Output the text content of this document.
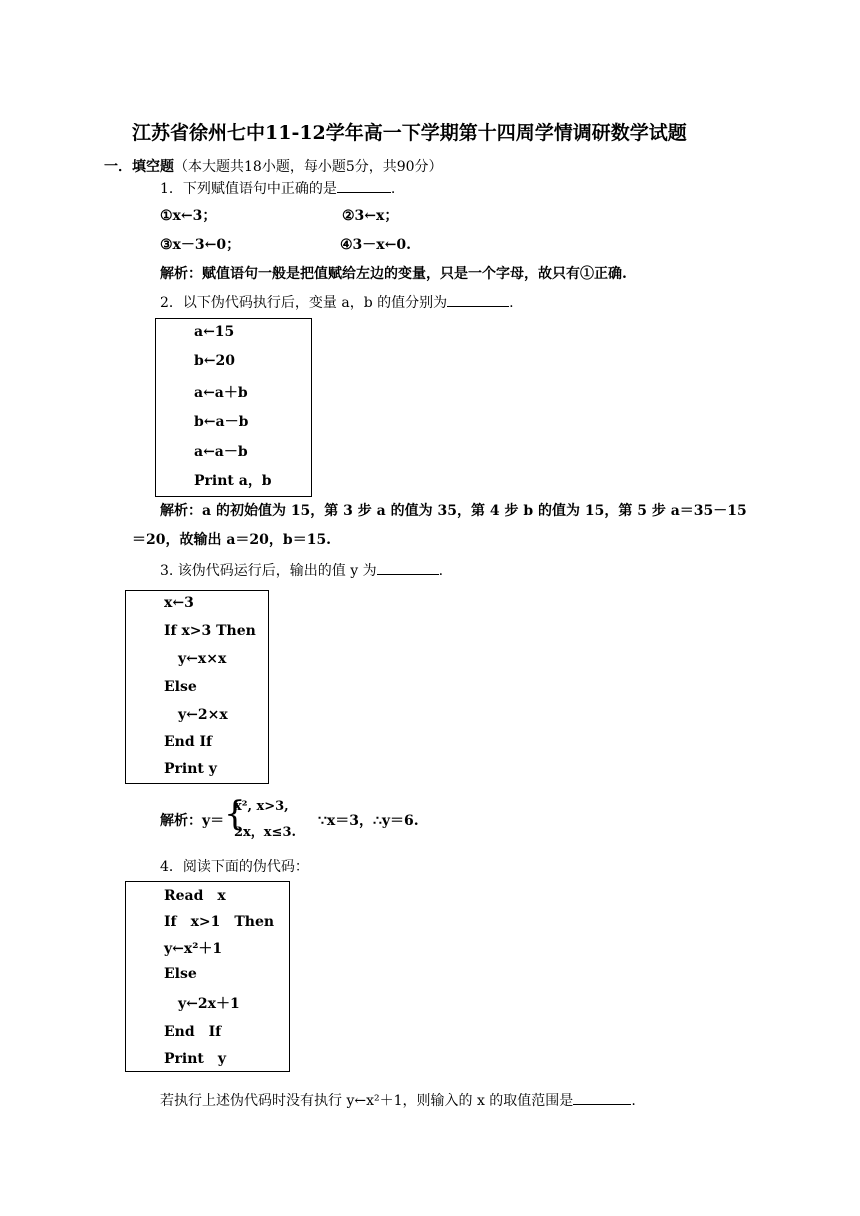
江苏省徐州七中11-12学年高一下学期第十四周学情调研数学试题
一．填空题（本大题共18小题，每小题5分，共90分）
1．下列赋值语句中正确的是	.
①x←3；	②3←x；
③x－3←0；	④3－x←0.
解析：赋值语句一般是把值赋给左边的变量，只是一个字母，故只有①正确.
2．以下伪代码执行后，变量 a，b 的值分别为	.
a←15
b←20
a←a＋b
b←a－b
a←a－b
Print a，b
解析：a 的初始值为 15，第 3 步 a 的值为 35，第 4 步 b 的值为 15，第 5 步 a＝35－15
＝20，故输出 a＝20，b＝15.
3. 该伪代码运行后，输出的值 y 为	.
x←3
If x>3 Then
y←x×x
Else
y←2×x
End If
Print y
解析：y＝ {
x², x>3,
2x，x≤3.
∵x＝3，∴y＝6.
4．阅读下面的伪代码：
Read　x
If　x>1　Then
y←x²＋1
Else
y←2x＋1
End　If
Print　y
若执行上述伪代码时没有执行 y←x²＋1，则输入的 x 的取值范围是	.
